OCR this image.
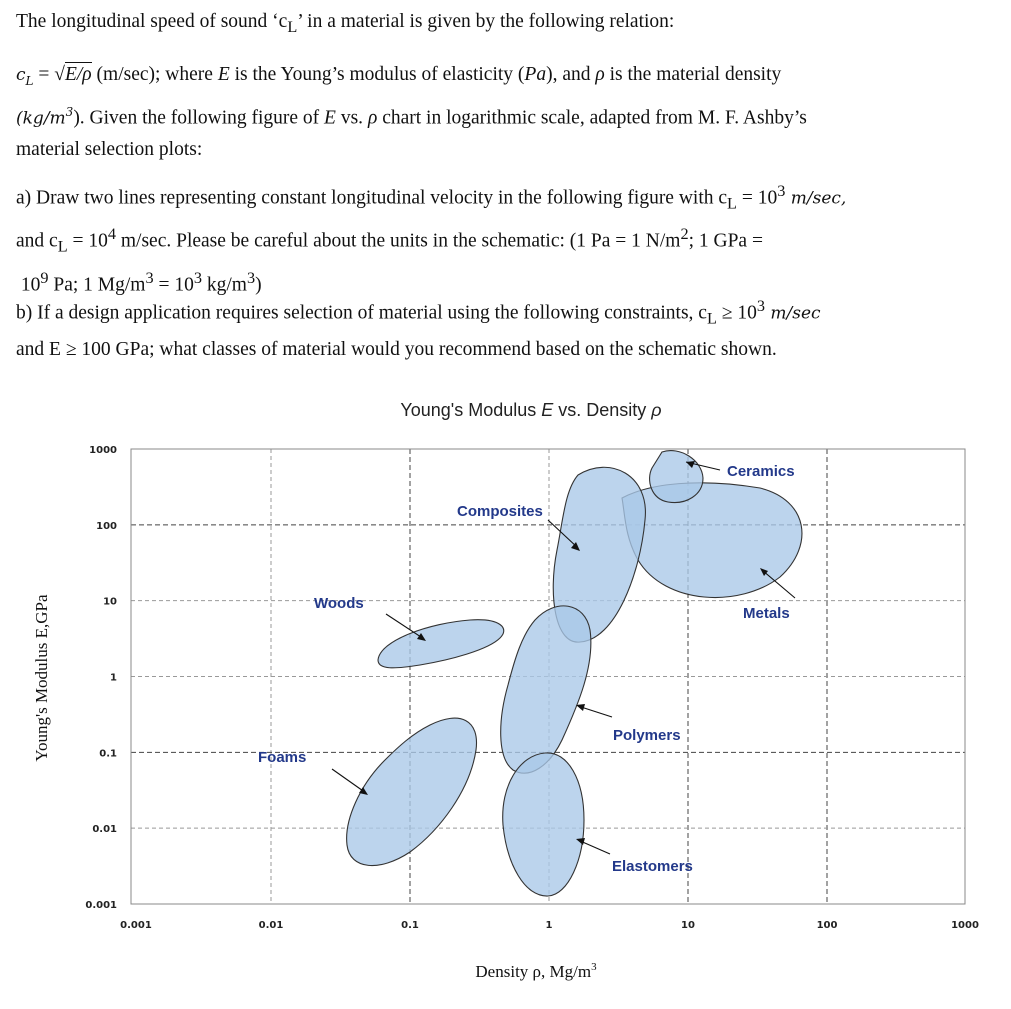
The longitudinal speed of sound ‘$c_L$’ in a material is given by the following relation:

$c_L = √E/\rho$ (m/sec); where E is the Young’s modulus of elasticity (Pa), and ρ is the material density

$(kg/m^3)$. Given the following figure of E vs. ρ chart in logarithmic scale, adapted from M. F. Ashby’s

material selection plots:

a) Draw two lines representing constant longitudinal velocity in the following figure with $c_L = 10^3$ m/sec,

and $c_L = 10^4$ m/sec. Please be careful about the units in the schematic: (1 Pa = 1 $N/m^2$; 1 GPa =

$10^9$ Pa; 1 $Mg/m^3 = 10^3$ $kg/m^3$)

b) If a design application requires selection of material using the following constraints, $c_L \ge 10^3$ m/sec

and E ≥ 100 GPa; what classes of material would you recommend based on the schematic shown.

Young's Modulus E vs. Density ρ
0.001	0.01	0.1	1	10	100	1000
0.001
0.01
0.1
1
10
100
1000
Ceramics
Composites
Metals
Woods
Polymers
Foams
Elastomers
Density ρ, $Mg/m^3$
Young's Modulus E,GPa
